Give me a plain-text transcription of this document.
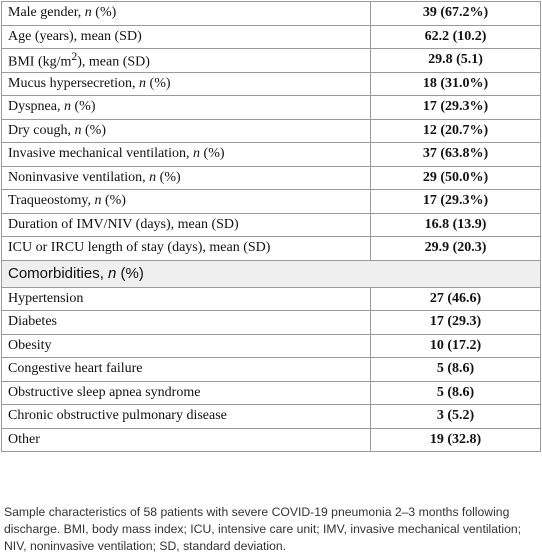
Male gender, n (%)	39 (67.2%)
Age (years), mean (SD)	62.2 (10.2)
BMI $(kg/m^2)$, mean (SD)	29.8 (5.1)
Mucus hypersecretion, n (%)	18 (31.0%)
Dyspnea, n (%)	17 (29.3%)
Dry cough, n (%)	12 (20.7%)
Invasive mechanical ventilation, n (%)	37 (63.8%)
Noninvasive ventilation, n (%)	29 (50.0%)
Traqueostomy, n (%)	17 (29.3%)
Duration of IMV/NIV (days), mean (SD)	16.8 (13.9)
ICU or IRCU length of stay (days), mean (SD)	29.9 (20.3)
Comorbidities, n (%)	
Hypertension	27 (46.6)
Diabetes	17 (29.3)
Obesity	10 (17.2)
Congestive heart failure	5 (8.6)
Obstructive sleep apnea syndrome	5 (8.6)
Chronic obstructive pulmonary disease	3 (5.2)
Other	19 (32.8)

Sample characteristics of 58 patients with severe COVID-19 pneumonia 2–3 months following discharge. BMI, body mass index; ICU, intensive care unit; IMV, invasive mechanical ventilation; NIV, noninvasive ventilation; SD, standard deviation.
